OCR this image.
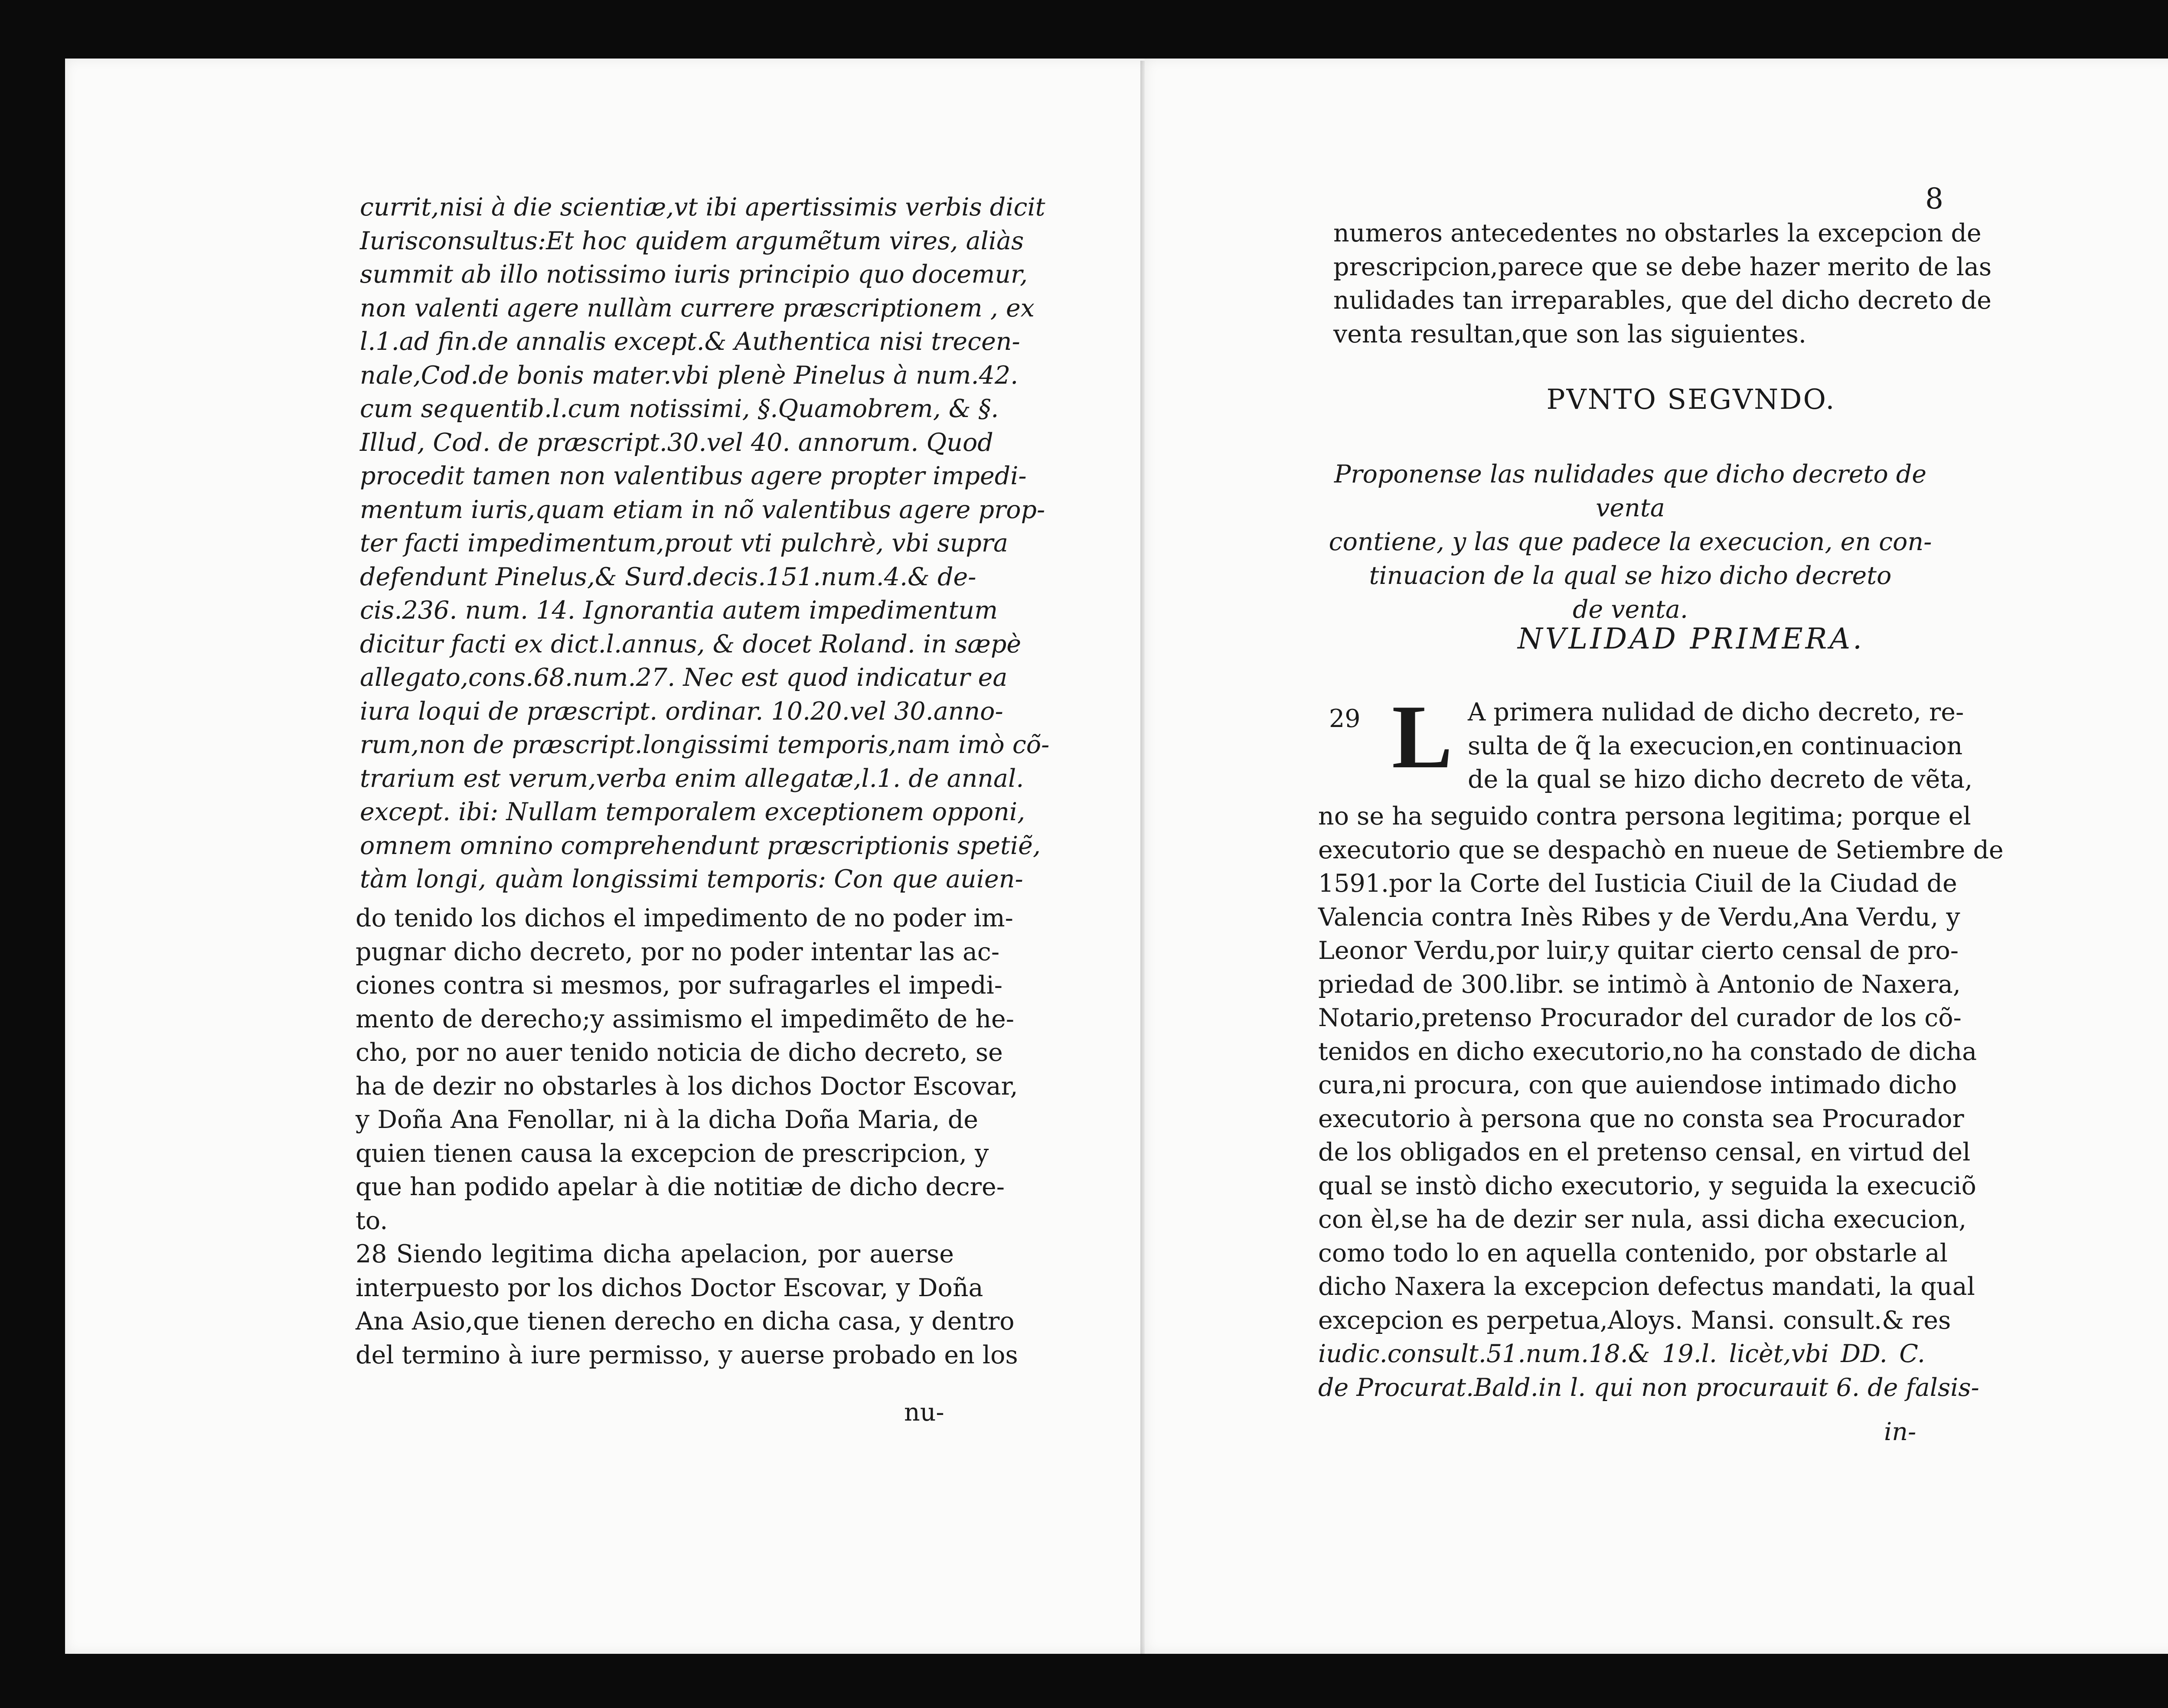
currit,nisi à die scientiæ,vt ibi apertissimis verbis dicit
Iurisconsultus:Et hoc quidem argumẽtum vires, aliàs
summit ab illo notissimo iuris principio quo docemur,
non valenti agere nullàm currere præscriptionem , ex
l.1.ad fin.de annalis except.& Authentica nisi trecen-
nale,Cod.de bonis mater.vbi plenè Pinelus à num.42.
cum sequentib.l.cum notissimi, §.Quamobrem, & §.
Illud, Cod. de præscript.30.vel 40. annorum. Quod
procedit tamen non valentibus agere propter impedi-
mentum iuris,quam etiam in nõ valentibus agere prop-
ter facti impedimentum,prout vti pulchrè, vbi supra
defendunt Pinelus,& Surd.decis.151.num.4.& de-
cis.236. num. 14. Ignorantia autem impedimentum
dicitur facti ex dict.l.annus, & docet Roland. in sæpè
allegato,cons.68.num.27. Nec est quod indicatur ea
iura loqui de præscript. ordinar. 10.20.vel 30.anno-
rum,non de præscript.longissimi temporis,nam imò cõ-
trarium est verum,verba enim allegatæ,l.1. de annal.
except. ibi: Nullam temporalem exceptionem opponi,
omnem omnino comprehendunt præscriptionis spetiẽ,
tàm longi, quàm longissimi temporis: Con que auien-
do tenido los dichos el impedimento de no poder im-
pugnar dicho decreto, por no poder intentar las ac-
ciones contra si mesmos, por sufragarles el impedi-
mento de derecho;y assimismo el impedimẽto de he-
cho, por no auer tenido noticia de dicho decreto, se
ha de dezir no obstarles à los dichos Doctor Escovar,
y Doña Ana Fenollar, ni à la dicha Doña Maria, de
quien tienen causa la excepcion de prescripcion, y
que han podido apelar à die notitiæ de dicho decre-
to.
28 Siendo legitima dicha apelacion, por auerse
interpuesto por los dichos Doctor Escovar, y Doña
Ana Asio,que tienen derecho en dicha casa, y dentro
del termino à iure permisso, y auerse probado en los
nu-
8
numeros antecedentes no obstarles la excepcion de
prescripcion,parece que se debe hazer merito de las
nulidades tan irreparables, que del dicho decreto de
venta resultan,que son las siguientes.
PVNTO SEGVNDO.
Proponense las nulidades que dicho decreto de venta
contiene, y las que padece la execucion, en con-
tinuacion de la qual se hizo dicho decreto
de venta.
NVLIDAD PRIMERA.
29 L A primera nulidad de dicho decreto, re-
sulta de q̃ la execucion,en continuacion
de la qual se hizo dicho decreto de vẽta,
no se ha seguido contra persona legitima; porque el
executorio que se despachò en nueue de Setiembre de
1591.por la Corte del Iusticia Ciuil de la Ciudad de
Valencia contra Inès Ribes y de Verdu,Ana Verdu, y
Leonor Verdu,por luir,y quitar cierto censal de pro-
priedad de 300.libr. se intimò à Antonio de Naxera,
Notario,pretenso Procurador del curador de los cõ-
tenidos en dicho executorio,no ha constado de dicha
cura,ni procura, con que auiendose intimado dicho
executorio à persona que no consta sea Procurador
de los obligados en el pretenso censal, en virtud del
qual se instò dicho executorio, y seguida la execuciõ
con èl,se ha de dezir ser nula, assi dicha execucion,
como todo lo en aquella contenido, por obstarle al
dicho Naxera la excepcion defectus mandati, la qual
excepcion es perpetua,Aloys. Mansi. consult.& res
iudic.consult.51.num.18.& 19.l. licèt,vbi DD. C.
de Procurat.Bald.in l. qui non procurauit 6. de falsis-
in-
